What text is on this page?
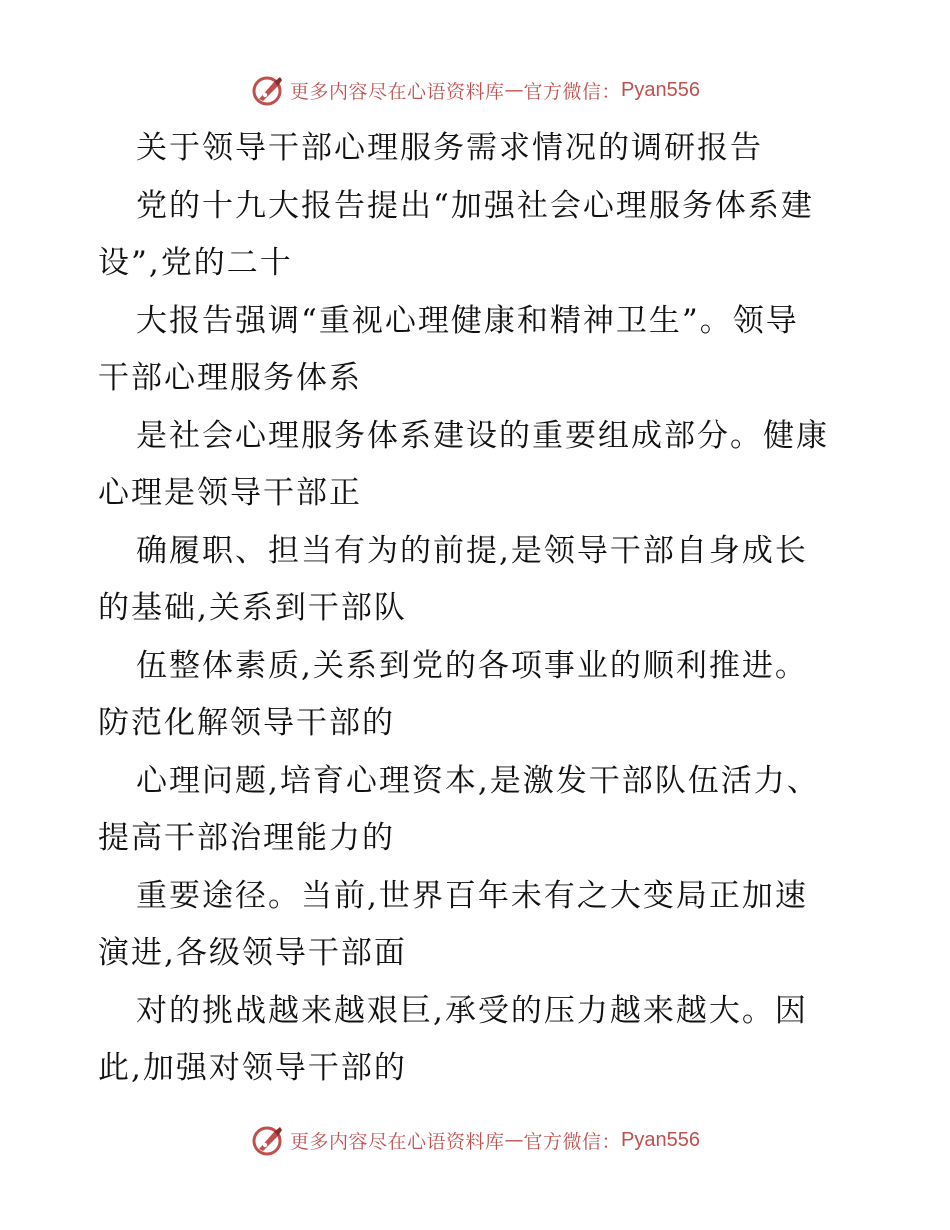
更多内容尽在心语资料库 — 官方微信： Pyan556
关于领导干部心理服务需求情况的调研报告
党的十九大报告提出“加强社会心理服务体系建
设”,党的二十
大报告强调“重视心理健康和精神卫生”。领导
干部心理服务体系
是社会心理服务体系建设的重要组成部分。健康
心理是领导干部正
确履职、担当有为的前提,是领导干部自身成长
的基础,关系到干部队
伍整体素质,关系到党的各项事业的顺利推进。
防范化解领导干部的
心理问题,培育心理资本,是激发干部队伍活力、
提高干部治理能力的
重要途径。当前,世界百年未有之大变局正加速
演进,各级领导干部面
对的挑战越来越艰巨,承受的压力越来越大。因
此,加强对领导干部的
更多内容尽在心语资料库 — 官方微信： Pyan556
